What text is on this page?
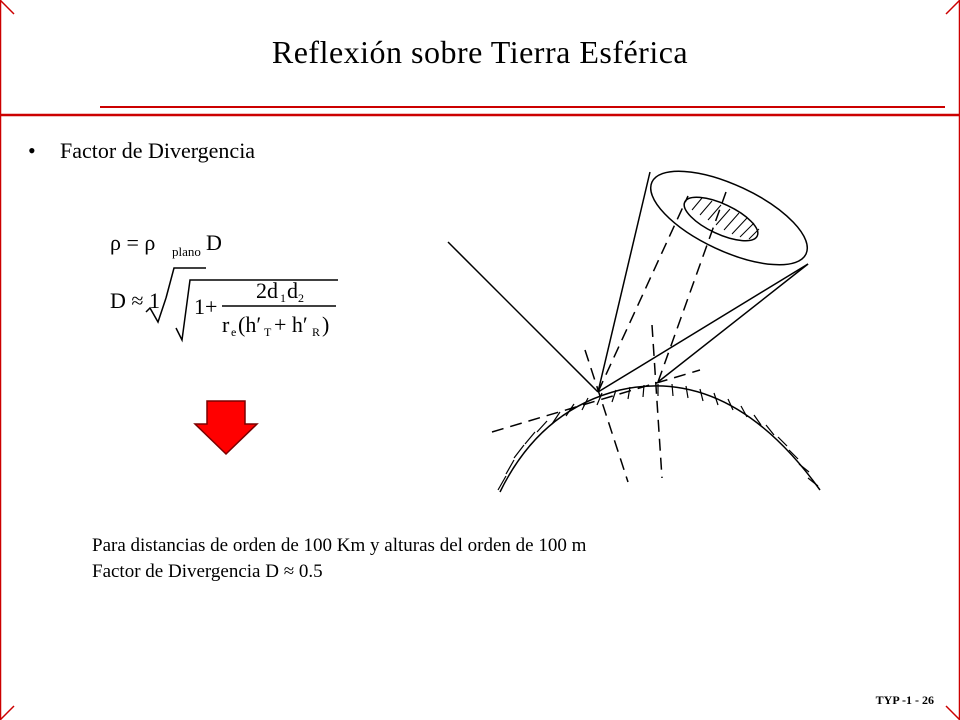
Reflexión sobre Tierra Esférica
• Factor de Divergencia
ρ = ρ plano D
D ≈ 1 1+
2d 1 d 2
r e (h′ T + h′ R )
Para distancias de orden de 100 Km y alturas del orden de 100 m
Factor de Divergencia D ≈ 0.5
TYP -1 - 26
